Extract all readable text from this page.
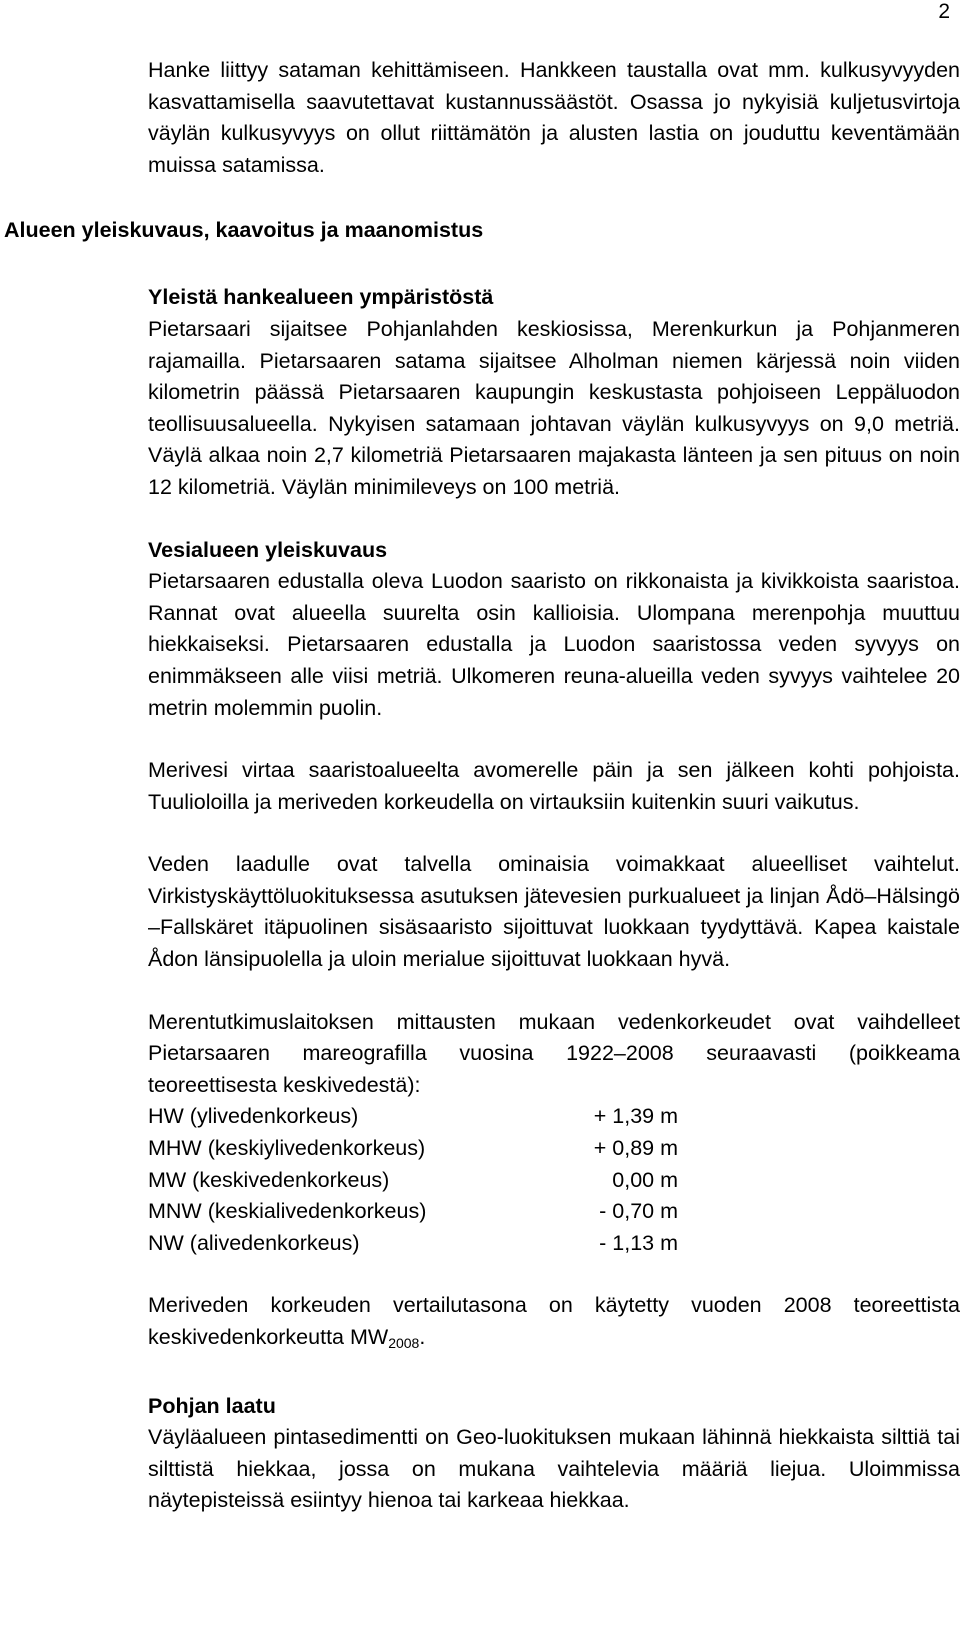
2
Alueen yleiskuvaus, kaavoitus ja maanomistus

Hanke liittyy sataman kehittämiseen. Hankkeen taustalla ovat mm. kulkusyvyyden kasvattamisella saavutettavat kustannussäästöt. Osassa jo nykyisiä kuljetusvirtoja väylän kulkusyvyys on ollut riittämätön ja alusten lastia on jouduttu keventämään muissa satamissa.

Yleistä hankealueen ympäristöstä

Pietarsaari sijaitsee Pohjanlahden keskiosissa, Merenkurkun ja Pohjanmeren rajamailla. Pietarsaaren satama sijaitsee Alholman niemen kärjessä noin viiden kilometrin päässä Pietarsaaren kaupungin keskustasta pohjoiseen Leppäluodon teollisuusalueella. Nykyisen satamaan johtavan väylän kulkusyvyys on 9,0 metriä. Väylä alkaa noin 2,7 kilometriä Pietarsaaren majakasta länteen ja sen pituus on noin 12 kilometriä. Väylän minimileveys on 100 metriä.

Vesialueen yleiskuvaus

Pietarsaaren edustalla oleva Luodon saaristo on rikkonaista ja kivikkoista saaristoa. Rannat ovat alueella suurelta osin kallioisia. Ulompana merenpohja muuttuu hiekkaiseksi. Pietarsaaren edustalla ja Luodon saaristossa veden syvyys on enimmäkseen alle viisi metriä. Ulkomeren reuna-alueilla veden syvyys vaihtelee 20 metrin molemmin puolin.

Merivesi virtaa saaristoalueelta avomerelle päin ja sen jälkeen kohti pohjoista. Tuulioloilla ja meriveden korkeudella on virtauksiin kuitenkin suuri vaikutus.

Veden laadulle ovat talvella ominaisia voimakkaat alueelliset vaihtelut. Virkistyskäyttöluokituksessa asutuksen jätevesien purkualueet ja linjan Ådö–Hälsingö –Fallskäret itäpuolinen sisäsaaristo sijoittuvat luokkaan tyydyttävä. Kapea kaistale Ådon länsipuolella ja uloin merialue sijoittuvat luokkaan hyvä.

Merentutkimuslaitoksen mittausten mukaan vedenkorkeudet ovat vaihdelleet Pietarsaaren mareografilla vuosina 1922–2008 seuraavasti (poikkeama teoreettisesta keskivedestä):

HW (ylivedenkorkeus)	+ 1,39 m
MHW (keskiylivedenkorkeus)	+ 0,89 m
MW (keskivedenkorkeus)	0,00 m
MNW (keskialivedenkorkeus)	- 0,70 m
NW (alivedenkorkeus)	- 1,13 m

Meriveden korkeuden vertailutasona on käytetty vuoden 2008 teoreettista keskivedenkorkeutta $MW_{2008}$.

Pohjan laatu

Väyläalueen pintasedimentti on Geo-luokituksen mukaan lähinnä hiekkaista silttiä tai silttistä hiekkaa, jossa on mukana vaihtelevia määriä liejua. Uloimmissa näytepisteissä esiintyy hienoa tai karkeaa hiekkaa.
